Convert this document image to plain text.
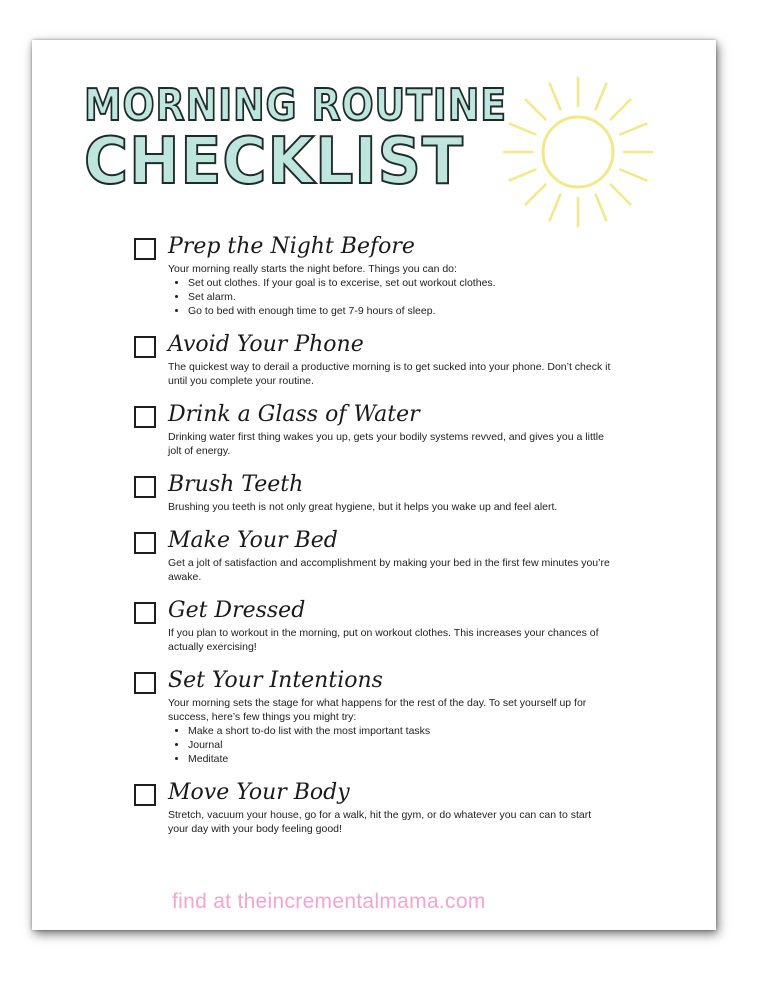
MORNING ROUTINE
CHECKLIST
Prep the Night Before
Your morning really starts the night before. Things you can do:
• Set out clothes. If your goal is to excerise, set out workout clothes.
• Set alarm.
• Go to bed with enough time to get 7-9 hours of sleep.
Avoid Your Phone
The quickest way to derail a productive morning is to get sucked into your phone. Don’t check it until you complete your routine.
Drink a Glass of Water
Drinking water first thing wakes you up, gets your bodily systems revved, and gives you a little jolt of energy.
Brush Teeth
Brushing you teeth is not only great hygiene, but it helps you wake up and feel alert.
Make Your Bed
Get a jolt of satisfaction and accomplishment by making your bed in the first few minutes you’re awake.
Get Dressed
If you plan to workout in the morning, put on workout clothes. This increases your chances of actually exercising!
Set Your Intentions
Your morning sets the stage for what happens for the rest of the day. To set yourself up for success, here’s few things you might try:
• Make a short to-do list with the most important tasks
• Journal
• Meditate
Move Your Body
Stretch, vacuum your house, go for a walk, hit the gym, or do whatever you can can to start your day with your body feeling good!
find at theincrementalmama.com
